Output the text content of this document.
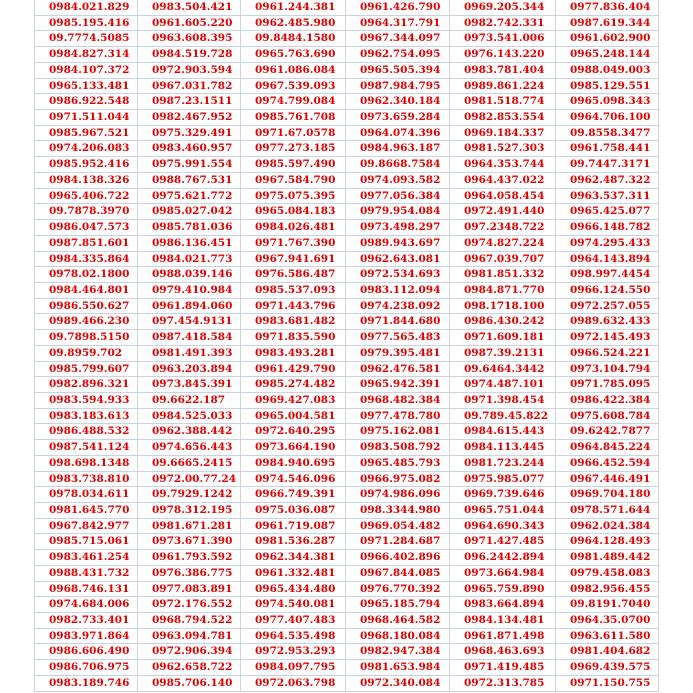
0984.021.829	0983.504.421	0961.244.381	0961.426.790	0969.205.344	0977.836.404
0985.195.416	0961.605.220	0962.485.980	0964.317.791	0982.742.331	0987.619.344
09.7774.5085	0963.608.395	09.8484.1580	0967.344.097	0973.541.006	0961.602.900
0984.827.314	0984.519.728	0965.763.690	0962.754.095	0976.143.220	0965.248.144
0984.107.372	0972.903.594	0961.086.084	0965.505.394	0983.781.404	0988.049.003
0965.133.481	0967.031.782	0967.539.093	0987.984.795	0989.861.224	0985.129.551
0986.922.548	0987.23.1511	0974.799.084	0962.340.184	0981.518.774	0965.098.343
0971.511.044	0982.467.952	0985.761.708	0973.659.284	0982.853.554	0964.706.100
0985.967.521	0975.329.491	0971.67.0578	0964.074.396	0969.184.337	09.8558.3477
0974.206.083	0983.460.957	0977.273.185	0984.963.187	0981.527.303	0961.758.441
0985.952.416	0975.991.554	0985.597.490	09.8668.7584	0964.353.744	09.7447.3171
0984.138.326	0988.767.531	0967.584.790	0974.093.582	0964.437.022	0962.487.322
0965.406.722	0975.621.772	0975.075.395	0977.056.384	0964.058.454	0963.537.311
09.7878.3970	0985.027.042	0965.084.183	0979.954.084	0972.491.440	0965.425.077
0986.047.573	0985.781.036	0984.026.481	0973.498.297	097.2348.722	0966.148.782
0987.851.601	0986.136.451	0971.767.390	0989.943.697	0974.827.224	0974.295.433
0984.335.864	0984.021.773	0967.941.691	0962.643.081	0967.039.707	0964.143.894
0978.02.1800	0988.039.146	0976.586.487	0972.534.693	0981.851.332	098.997.4454
0984.464.801	0979.410.984	0985.537.093	0983.112.094	0984.871.770	0966.124.550
0986.550.627	0961.894.060	0971.443.796	0974.238.092	098.1718.100	0972.257.055
0989.466.230	097.454.9131	0983.681.482	0971.844.680	0986.430.242	0989.632.433
09.7898.5150	0987.418.584	0971.835.590	0977.565.483	0971.609.181	0972.145.493
09.8959.702	0981.491.393	0983.493.281	0979.395.481	0987.39.2131	0966.524.221
0985.799.607	0963.203.894	0961.429.790	0962.476.581	09.6464.3442	0973.104.794
0982.896.321	0973.845.391	0985.274.482	0965.942.391	0974.487.101	0971.785.095
0983.594.933	09.6622.187	0969.427.083	0968.482.384	0971.398.454	0986.422.384
0983.183.613	0984.525.033	0965.004.581	0977.478.780	09.789.45.822	0975.608.784
0986.488.532	0962.388.442	0972.640.295	0975.162.081	0984.615.443	09.6242.7877
0987.541.124	0974.656.443	0973.664.190	0983.508.792	0984.113.445	0964.845.224
098.698.1348	09.6665.2415	0984.940.695	0965.485.793	0981.723.244	0966.452.594
0983.738.810	0972.00.77.24	0974.546.096	0966.975.082	0975.985.077	0967.446.491
0978.034.611	09.7929.1242	0966.749.391	0974.986.096	0969.739.646	0969.704.180
0981.645.770	0978.312.195	0975.036.087	098.3344.980	0965.751.044	0978.571.644
0967.842.977	0981.671.281	0961.719.087	0969.054.482	0964.690.343	0962.024.384
0985.715.061	0973.671.390	0981.536.287	0971.284.687	0971.427.485	0964.128.493
0983.461.254	0961.793.592	0962.344.381	0966.402.896	096.2442.894	0981.489.442
0988.431.732	0976.386.775	0961.332.481	0967.844.085	0973.664.984	0979.458.083
0968.746.131	0977.083.891	0965.434.480	0976.770.392	0965.759.890	0982.956.455
0974.684.006	0972.176.552	0974.540.081	0965.185.794	0983.664.894	09.8191.7040
0982.733.401	0968.794.522	0977.407.483	0968.464.582	0984.134.481	0964.35.0700
0983.971.864	0963.094.781	0964.535.498	0968.180.084	0961.871.498	0963.611.580
0986.606.490	0972.906.394	0972.953.293	0982.947.384	0968.463.693	0981.404.682
0986.706.975	0962.658.722	0984.097.795	0981.653.984	0971.419.485	0969.439.575
0983.189.746	0985.706.140	0972.063.798	0972.340.084	0972.313.785	0971.150.755
